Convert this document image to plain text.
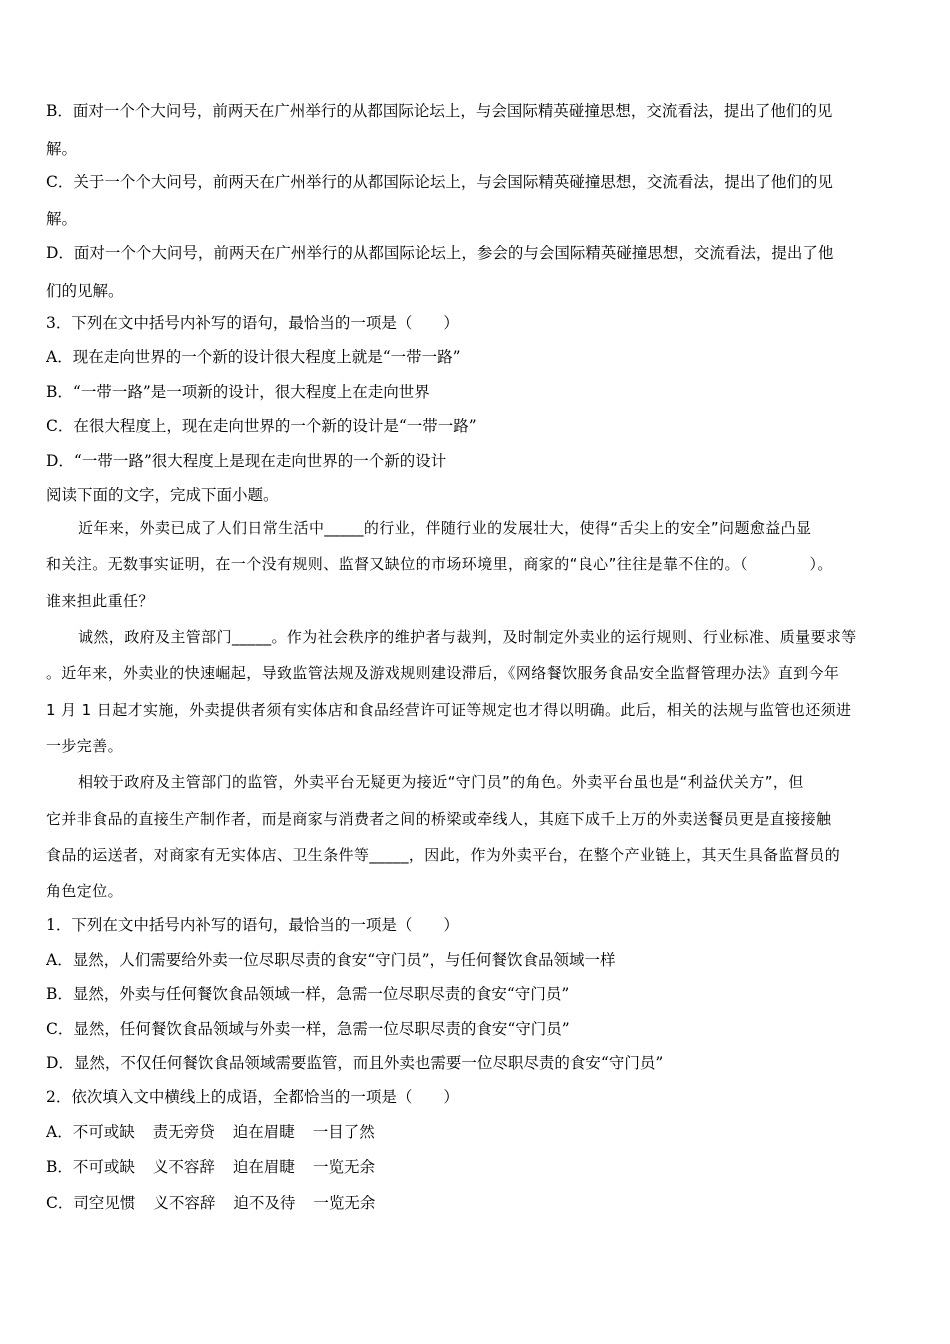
B．面对一个个大问号，前两天在广州举行的从都国际论坛上，与会国际精英碰撞思想，交流看法，提出了他们的见
解。
C．关于一个个大问号，前两天在广州举行的从都国际论坛上，与会国际精英碰撞思想，交流看法，提出了他们的见
解。
D．面对一个个大问号，前两天在广州举行的从都国际论坛上，参会的与会国际精英碰撞思想，交流看法，提出了他
们的见解。
3．下列在文中括号内补写的语句，最恰当的一项是（　　）
A．现在走向世界的一个新的设计很大程度上就是“一带一路”
B．“一带一路”是一项新的设计，很大程度上在走向世界
C．在很大程度上，现在走向世界的一个新的设计是“一带一路”
D．“一带一路”很大程度上是现在走向世界的一个新的设计
阅读下面的文字，完成下面小题。
近年来，外卖已成了人们日常生活中_____的行业，伴随行业的发展壮大，使得“舌尖上的安全”问题愈益凸显
和关注。无数事实证明，在一个没有规则、监督又缺位的市场环境里，商家的“良心”往往是靠不住的。（　　　　）。
谁来担此重任？
诚然，政府及主管部门_____。作为社会秩序的维护者与裁判，及时制定外卖业的运行规则、行业标准、质量要求等
。近年来，外卖业的快速崛起，导致监管法规及游戏规则建设滞后，《网络餐饮服务食品安全监督管理办法》直到今年
1 月 1 日起才实施，外卖提供者须有实体店和食品经营许可证等规定也才得以明确。此后，相关的法规与监管也还须进
一步完善。
相较于政府及主管部门的监管，外卖平台无疑更为接近“守门员”的角色。外卖平台虽也是“利益伏关方”，但
它并非食品的直接生产制作者，而是商家与消费者之间的桥梁或牵线人，其庭下成千上万的外卖送餐员更是直接接触
食品的运送者，对商家有无实体店、卫生条件等_____，因此，作为外卖平台，在整个产业链上，其天生具备监督员的
角色定位。
1．下列在文中括号内补写的语句，最恰当的一项是（　　）
A．显然，人们需要给外卖一位尽职尽责的食安“守门员”，与任何餐饮食品领域一样
B．显然，外卖与任何餐饮食品领域一样，急需一位尽职尽责的食安“守门员”
C．显然，任何餐饮食品领域与外卖一样，急需一位尽职尽责的食安“守门员”
D．显然，不仅任何餐饮食品领域需要监管，而且外卖也需要一位尽职尽责的食安“守门员”
2．依次填入文中横线上的成语，全都恰当的一项是（　　）
A．不可或缺 责无旁贷 迫在眉睫 一目了然
B．不可或缺 义不容辞 迫在眉睫 一览无余
C．司空见惯 义不容辞 迫不及待 一览无余
